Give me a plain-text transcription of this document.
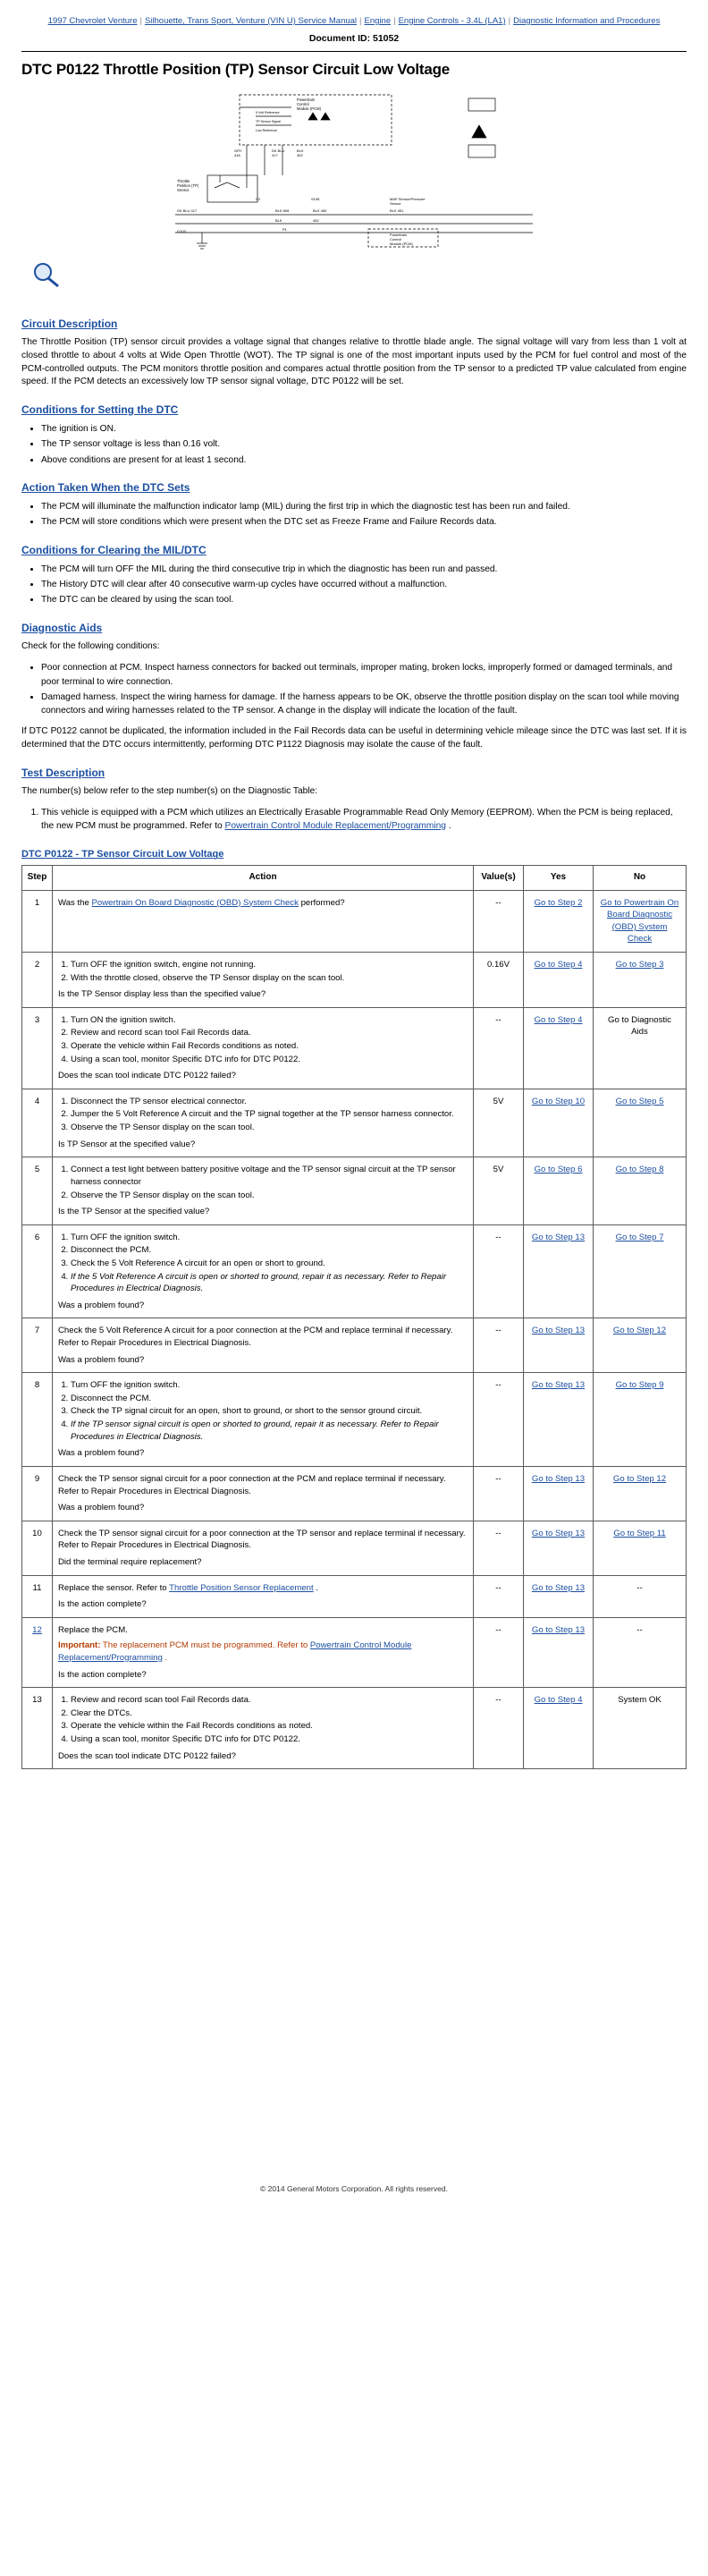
1997 Chevrolet Venture | Silhouette, Trans Sport, Venture (VIN U) Service Manual | Engine | Engine Controls - 3.4L (LA1) | Diagnostic Information and Procedures
Document ID: 51052
DTC P0122 Throttle Position (TP) Sensor Circuit Low Voltage
Powertrain
Control
Module (PCM)
5 Volt Reference
TP Sensor Signal
Low Reference
GRY
416
DK BLU
417
BLK
452
Throttle
Position (TP)
Sensor
DK BLU 417	BLK 808	BLK 450	BLK 451
BLK	452
G103
C2	S108	MAP Sensor/Pressure
Sensor
P1
Powertrain
Control
Module (PCM)
Circuit Description

The Throttle Position (TP) sensor circuit provides a voltage signal that changes relative to throttle blade angle. The signal voltage will vary from less than 1 volt at closed throttle to about 4 volts at Wide Open Throttle (WOT). The TP signal is one of the most important inputs used by the PCM for fuel control and most of the PCM-controlled outputs. The PCM monitors throttle position and compares actual throttle position from the TP sensor to a predicted TP value calculated from engine speed. If the PCM detects an excessively low TP sensor signal voltage, DTC P0122 will be set.

Conditions for Setting the DTC
• The ignition is ON.
• The TP sensor voltage is less than 0.16 volt.
• Above conditions are present for at least 1 second.
Action Taken When the DTC Sets
• The PCM will illuminate the malfunction indicator lamp (MIL) during the first trip in which the diagnostic test has been run and failed.
• The PCM will store conditions which were present when the DTC set as Freeze Frame and Failure Records data.
Conditions for Clearing the MIL/DTC
• The PCM will turn OFF the MIL during the third consecutive trip in which the diagnostic has been run and passed.
• The History DTC will clear after 40 consecutive warm-up cycles have occurred without a malfunction.
• The DTC can be cleared by using the scan tool.
Diagnostic Aids

Check for the following conditions:

• Poor connection at PCM. Inspect harness connectors for backed out terminals, improper mating, broken locks, improperly formed or damaged terminals, and poor terminal to wire connection.
• Damaged harness. Inspect the wiring harness for damage. If the harness appears to be OK, observe the throttle position display on the scan tool while moving connectors and wiring harnesses related to the TP sensor. A change in the display will indicate the location of the fault.

If DTC P0122 cannot be duplicated, the information included in the Fail Records data can be useful in determining vehicle mileage since the DTC was last set. If it is determined that the DTC occurs intermittently, performing DTC P1122 Diagnosis may isolate the cause of the fault.

Test Description

The number(s) below refer to the step number(s) on the Diagnostic Table:

1. This vehicle is equipped with a PCM which utilizes an Electrically Erasable Programmable Read Only Memory (EEPROM). When the PCM is being replaced, the new PCM must be programmed. Refer to Powertrain Control Module Replacement/Programming .
DTC P0122 - TP Sensor Circuit Low Voltage
Step	Action	Value(s)	Yes	No
1	Was the Powertrain On Board Diagnostic (OBD) System Check performed?	--	Go to Step 2	Go to Powertrain On Board Diagnostic (OBD) System Check
2	
1.Turn OFF the ignition switch, engine not running.
2. With the throttle closed, observe the TP Sensor display on the scan tool.

Is the TP Sensor display less than the specified value?

	0.16V	Go to Step 4	Go to Step 3
3	
1.Turn ON the ignition switch.
2. Review and record scan tool Fail Records data.
3. Operate the vehicle within Fail Records conditions as noted.
4. Using a scan tool, monitor Specific DTC info for DTC P0122.

Does the scan tool indicate DTC P0122 failed?

	--	Go to Step 4	Go to Diagnostic Aids
4	
1.Disconnect the TP sensor electrical connector.
2. Jumper the 5 Volt Reference A circuit and the TP signal together at the TP sensor harness connector.
3. Observe the TP Sensor display on the scan tool.

Is TP Sensor at the specified value?

	5V	Go to Step 10	Go to Step 5
5	
1.Connect a test light between battery positive voltage and the TP sensor signal circuit at the TP sensor harness connector
2. Observe the TP Sensor display on the scan tool.

Is the TP Sensor at the specified value?

	5V	Go to Step 6	Go to Step 8
6	
1.Turn OFF the ignition switch.
2. Disconnect the PCM.
3. Check the 5 Volt Reference A circuit for an open or short to ground.
4. If the 5 Volt Reference A circuit is open or shorted to ground, repair it as necessary. Refer to Repair Procedures in Electrical Diagnosis.

Was a problem found?

	--	Go to Step 13	Go to Step 7
7	Check the 5 Volt Reference A circuit for a poor connection at the PCM and replace terminal if necessary. Refer to Repair Procedures in Electrical Diagnosis.

Was a problem found?	--	Go to Step 13	Go to Step 12
8	
1.Turn OFF the ignition switch.
2. Disconnect the PCM.
3. Check the TP signal circuit for an open, short to ground, or short to the sensor ground circuit.
4. If the TP sensor signal circuit is open or shorted to ground, repair it as necessary. Refer to Repair Procedures in Electrical Diagnosis.

Was a problem found?

	--	Go to Step 13	Go to Step 9
9	Check the TP sensor signal circuit for a poor connection at the PCM and replace terminal if necessary. Refer to Repair Procedures in Electrical Diagnosis.

Was a problem found?	--	Go to Step 13	Go to Step 12
10	Check the TP sensor signal circuit for a poor connection at the TP sensor and replace terminal if necessary. Refer to Repair Procedures in Electrical Diagnosis.

Did the terminal require replacement?	--	Go to Step 13	Go to Step 11
11	Replace the sensor. Refer to Throttle Position Sensor Replacement .

Is the action complete?	--	Go to Step 13	--
12	Replace the PCM.

Important: The replacement PCM must be programmed. Refer to Powertrain Control Module Replacement/Programming .

Is the action complete?	--	Go to Step 13	--
13	
1.Review and record scan tool Fail Records data.
2. Clear the DTCs.
3. Operate the vehicle within the Fail Records conditions as noted.
4. Using a scan tool, monitor Specific DTC info for DTC P0122.

Does the scan tool indicate DTC P0122 failed?

	--	Go to Step 4	System OK
© 2014 General Motors Corporation. All rights reserved.
